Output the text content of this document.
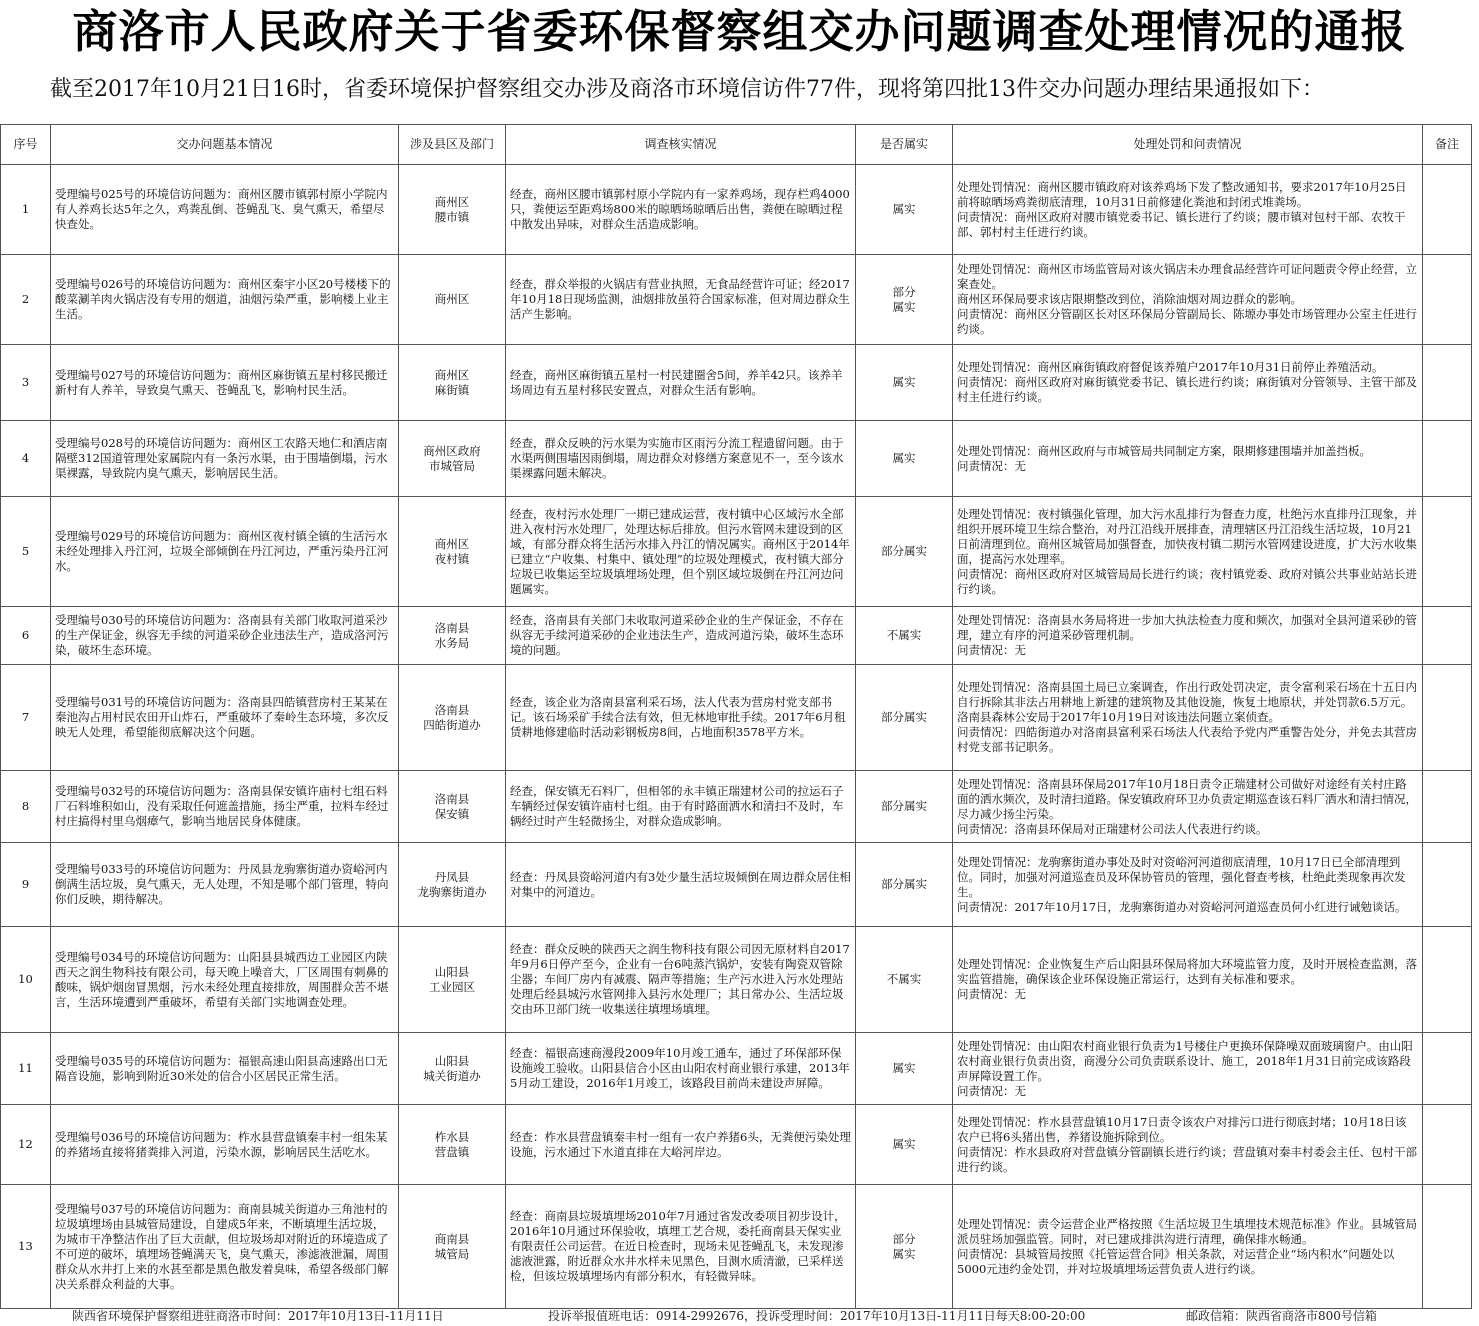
商洛市人民政府关于省委环保督察组交办问题调查处理情况的通报
截至2017年10月21日16时，省委环境保护督察组交办涉及商洛市环境信访件77件，现将第四批13件交办问题办理结果通报如下：
序号	交办问题基本情况	涉及县区及部门	调查核实情况	是否属实	处理处罚和问责情况	备注
1	受理编号025号的环境信访问题为：商州区腰市镇郭村原小学院内有人养鸡长达5年之久，鸡粪乱倒、苍蝇乱飞、臭气熏天，希望尽快查处。	商州区
腰市镇	经查，商州区腰市镇郭村原小学院内有一家养鸡场，现存栏鸡4000只，粪便运至距鸡场800米的晾晒场晾晒后出售，粪便在晾晒过程中散发出异味，对群众生活造成影响。	属实	处理处罚情况：商州区腰市镇政府对该养鸡场下发了整改通知书，要求2017年10月25日前将晾晒场鸡粪彻底清理，10月31日前修建化粪池和封闭式堆粪场。
问责情况：商州区政府对腰市镇党委书记、镇长进行了约谈；腰市镇对包村干部、农牧干部、郭村村主任进行约谈。	
2	受理编号026号的环境信访问题为：商州区秦宇小区20号楼楼下的酸菜涮羊肉火锅店没有专用的烟道，油烟污染严重，影响楼上业主生活。	商州区	经查，群众举报的火锅店有营业执照，无食品经营许可证；经2017年10月18日现场监测，油烟排放虽符合国家标准，但对周边群众生活产生影响。	部分
属实	处理处罚情况：商州区市场监管局对该火锅店未办理食品经营许可证问题责令停止经营，立案查处。
商州区环保局要求该店限期整改到位，消除油烟对周边群众的影响。
问责情况：商州区分管副区长对区环保局分管副局长、陈塬办事处市场管理办公室主任进行约谈。	
3	受理编号027号的环境信访问题为：商州区麻街镇五星村移民搬迁新村有人养羊，导致臭气熏天、苍蝇乱飞，影响村民生活。	商州区
麻街镇	经查，商州区麻街镇五星村一村民建圈舍5间，养羊42只。该养羊场周边有五星村移民安置点，对群众生活有影响。	属实	处理处罚情况：商州区麻街镇政府督促该养殖户2017年10月31日前停止养殖活动。
问责情况：商州区政府对麻街镇党委书记、镇长进行约谈；麻街镇对分管领导、主管干部及村主任进行约谈。	
4	受理编号028号的环境信访问题为：商州区工农路天地仁和酒店南隔壁312国道管理处家属院内有一条污水渠，由于围墙倒塌，污水渠裸露，导致院内臭气熏天，影响居民生活。	商州区政府
市城管局	经查，群众反映的污水渠为实施市区雨污分流工程遗留问题。由于水渠两侧围墙因雨倒塌，周边群众对修缮方案意见不一，至今该水渠裸露问题未解决。	属实	处理处罚情况：商州区政府与市城管局共同制定方案，限期修建围墙并加盖挡板。
问责情况：无	
5	受理编号029号的环境信访问题为：商州区夜村镇全镇的生活污水未经处理排入丹江河，垃圾全部倾倒在丹江河边，严重污染丹江河水。	商州区
夜村镇	经查，夜村污水处理厂一期已建成运营，夜村镇中心区域污水全部进入夜村污水处理厂，处理达标后排放。但污水管网未建设到的区域，有部分群众将生活污水排入丹江的情况属实。商州区于2014年已建立“户收集、村集中、镇处理”的垃圾处理模式，夜村镇大部分垃圾已收集运至垃圾填埋场处理，但个别区域垃圾倒在丹江河边问题属实。	部分属实	处理处罚情况：夜村镇强化管理，加大污水乱排行为督查力度，杜绝污水直排丹江现象，并组织开展环境卫生综合整治，对丹江沿线开展排查，清理辖区丹江沿线生活垃圾，10月21日前清理到位。商州区城管局加强督查，加快夜村镇二期污水管网建设进度，扩大污水收集面，提高污水处理率。
问责情况：商州区政府对区城管局局长进行约谈；夜村镇党委、政府对镇公共事业站站长进行约谈。	
6	受理编号030号的环境信访问题为：洛南县有关部门收取河道采沙的生产保证金，纵容无手续的河道采砂企业违法生产，造成洛河污染，破坏生态环境。	洛南县
水务局	经查，洛南县有关部门未收取河道采砂企业的生产保证金，不存在纵容无手续河道采砂的企业违法生产，造成河道污染，破坏生态环境的问题。	不属实	处理处罚情况：洛南县水务局将进一步加大执法检查力度和频次，加强对全县河道采砂的管理，建立有序的河道采砂管理机制。
问责情况：无	
7	受理编号031号的环境信访问题为：洛南县四皓镇营房村王某某在秦池沟占用村民农田开山炸石，严重破坏了秦岭生态环境，多次反映无人处理，希望能彻底解决这个问题。	洛南县
四皓街道办	经查，该企业为洛南县富利采石场，法人代表为营房村党支部书记。该石场采矿手续合法有效，但无林地审批手续。2017年6月租赁耕地修建临时活动彩钢板房8间，占地面积3578平方米。	部分属实	处理处罚情况：洛南县国土局已立案调查，作出行政处罚决定，责令富利采石场在十五日内自行拆除其非法占用耕地上新建的建筑物及其他设施，恢复土地原状，并处罚款6.5万元。洛南县森林公安局于2017年10月19日对该违法问题立案侦查。
问责情况：四皓街道办对洛南县富利采石场法人代表给予党内严重警告处分，并免去其营房村党支部书记职务。	
8	受理编号032号的环境信访问题为：洛南县保安镇许庙村七组石料厂石料堆积如山，没有采取任何遮盖措施，扬尘严重，拉料车经过村庄搞得村里乌烟瘴气，影响当地居民身体健康。	洛南县
保安镇	经查，保安镇无石料厂，但相邻的永丰镇正瑞建材公司的拉运石子车辆经过保安镇许庙村七组。由于有时路面洒水和清扫不及时，车辆经过时产生轻微扬尘，对群众造成影响。	部分属实	处理处罚情况：洛南县环保局2017年10月18日责令正瑞建材公司做好对途经有关村庄路面的洒水频次，及时清扫道路。保安镇政府环卫办负责定期巡查该石料厂洒水和清扫情况，尽力减少扬尘污染。
问责情况：洛南县环保局对正瑞建材公司法人代表进行约谈。	
9	受理编号033号的环境信访问题为：丹凤县龙驹寨街道办资峪河内倒满生活垃圾，臭气熏天，无人处理，不知是哪个部门管理，特向你们反映，期待解决。	丹凤县
龙驹寨街道办	经查：丹凤县资峪河道内有3处少量生活垃圾倾倒在周边群众居住相对集中的河道边。	部分属实	处理处罚情况：龙驹寨街道办事处及时对资峪河河道彻底清理，10月17日已全部清理到位。同时，加强对河道巡查员及环保协管员的管理，强化督查考核，杜绝此类现象再次发生。
问责情况：2017年10月17日，龙驹寨街道办对资峪河河道巡查员何小红进行诫勉谈话。	
10	受理编号034号的环境信访问题为：山阳县县城西边工业园区内陕西天之润生物科技有限公司，每天晚上噪音大，厂区周围有刺鼻的酸味，锅炉烟囱冒黑烟，污水未经处理直接排放，周围群众苦不堪言，生活环境遭到严重破坏，希望有关部门实地调查处理。	山阳县
工业园区	经查：群众反映的陕西天之润生物科技有限公司因无原材料自2017年9月6日停产至今，企业有一台6吨蒸汽锅炉，安装有陶瓷双管除尘器；车间厂房内有减震、隔声等措施；生产污水进入污水处理站处理后经县城污水管网排入县污水处理厂；其日常办公、生活垃圾交由环卫部门统一收集送往填埋场填埋。	不属实	处理处罚情况：企业恢复生产后山阳县环保局将加大环境监管力度，及时开展检查监测，落实监管措施，确保该企业环保设施正常运行，达到有关标准和要求。
问责情况：无	
11	受理编号035号的环境信访问题为：福银高速山阳县高速路出口无隔音设施，影响到附近30米处的信合小区居民正常生活。	山阳县
城关街道办	经查：福银高速商漫段2009年10月竣工通车，通过了环保部环保设施竣工验收。山阳县信合小区由山阳农村商业银行承建，2013年5月动工建设，2016年1月竣工，该路段目前尚未建设声屏障。	属实	处理处罚情况：由山阳农村商业银行负责为1号楼住户更换环保降噪双面玻璃窗户。由山阳农村商业银行负责出资，商漫分公司负责联系设计、施工，2018年1月31日前完成该路段声屏障设置工作。
问责情况：无	
12	受理编号036号的环境信访问题为：柞水县营盘镇秦丰村一组朱某的养猪场直接将猪粪排入河道，污染水源，影响居民生活吃水。	柞水县
营盘镇	经查：柞水县营盘镇秦丰村一组有一农户养猪6头，无粪便污染处理设施，污水通过下水道直排在大峪河岸边。	属实	处理处罚情况：柞水县营盘镇10月17日责令该农户对排污口进行彻底封堵；10月18日该农户已将6头猪出售，养猪设施拆除到位。
问责情况：柞水县政府对营盘镇分管副镇长进行约谈；营盘镇对秦丰村委会主任、包村干部进行约谈。	
13	受理编号037号的环境信访问题为：商南县城关街道办三角池村的垃圾填埋场由县城管局建设，自建成5年来，不断填埋生活垃圾，为城市干净整洁作出了巨大贡献，但垃圾场却对附近的环境造成了不可逆的破坏，填埋场苍蝇满天飞，臭气熏天，渗滤液泄漏，周围群众从水井打上来的水甚至都是黑色散发着臭味，希望各级部门解决关系群众利益的大事。	商南县
城管局	经查：商南县垃圾填埋场2010年7月通过省发改委项目初步设计，2016年10月通过环保验收，填埋工艺合规，委托商南县天保实业有限责任公司运营。在近日检查时，现场未见苍蝇乱飞，未发现渗滤液泄露，附近群众水井水样未见黑色，目测水质清澈，已采样送检，但该垃圾填埋场内有部分积水，有轻微异味。	部分
属实	处理处罚情况：责令运营企业严格按照《生活垃圾卫生填埋技术规范标准》作业。县城管局派员驻场加强监管。同时，对已建成排洪沟进行清理，确保排水畅通。
问责情况：县城管局按照《托管运营合同》相关条款，对运营企业“场内积水”问题处以5000元违约金处罚，并对垃圾填埋场运营负责人进行约谈。	
陕西省环境保护督察组进驻商洛市时间：2017年10月13日-11月11日	投诉举报值班电话：0914-2992676，投诉受理时间：2017年10月13日-11月11日每天8:00-20:00	邮政信箱：陕西省商洛市800号信箱
